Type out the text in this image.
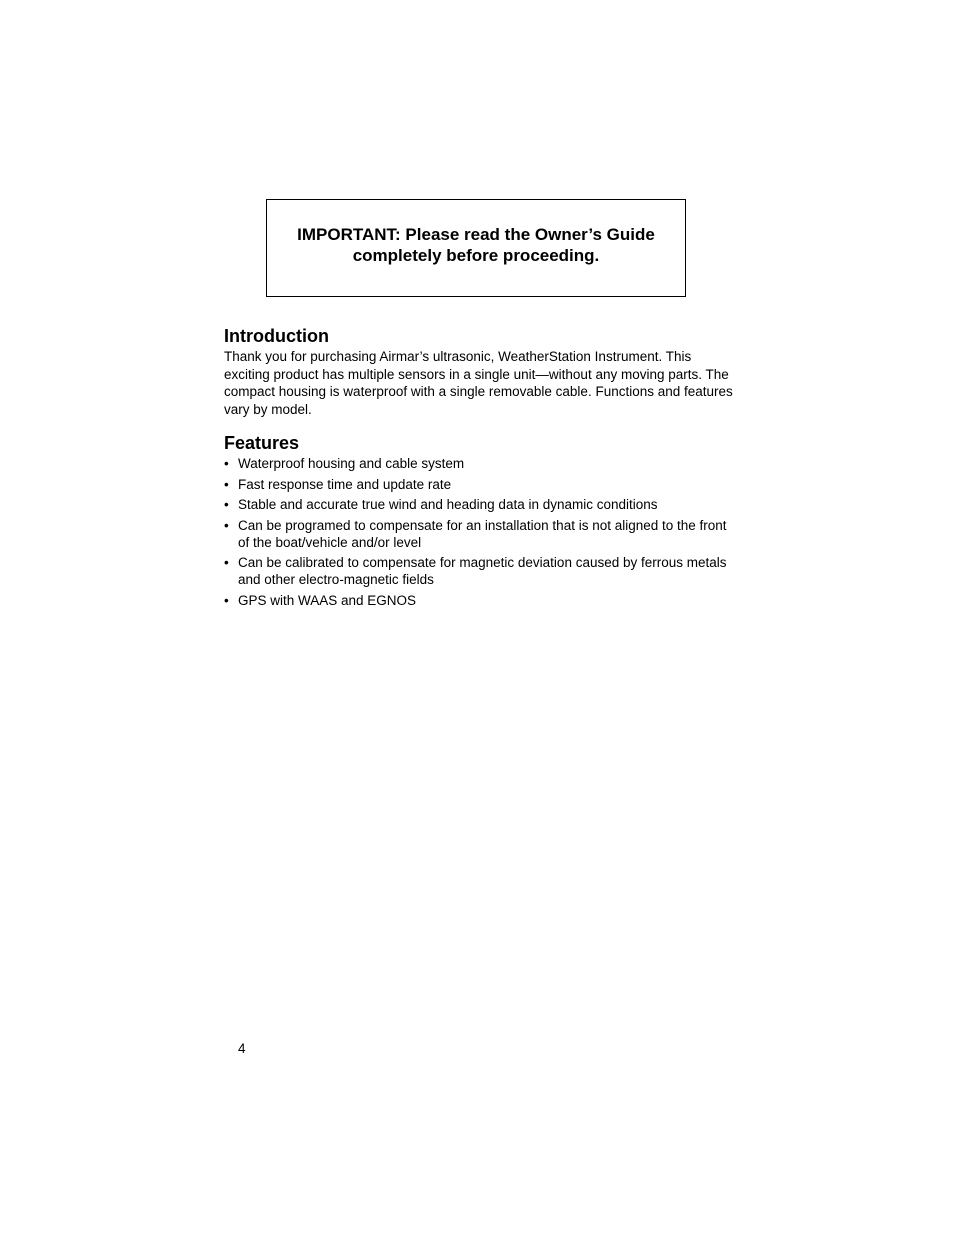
IMPORTANT: Please read the Owner’s Guide completely before proceeding.
Introduction

Thank you for purchasing Airmar’s ultrasonic, WeatherStation Instrument. This exciting product has multiple sensors in a single unit—without any moving parts. The compact housing is waterproof with a single removable cable. Functions and features vary by model.

Features
• Waterproof housing and cable system
• Fast response time and update rate
• Stable and accurate true wind and heading data in dynamic conditions
• Can be programed to compensate for an installation that is not aligned to the front of the boat/vehicle and/or level
• Can be calibrated to compensate for magnetic deviation caused by ferrous metals and other electro-magnetic fields
• GPS with WAAS and EGNOS
4
